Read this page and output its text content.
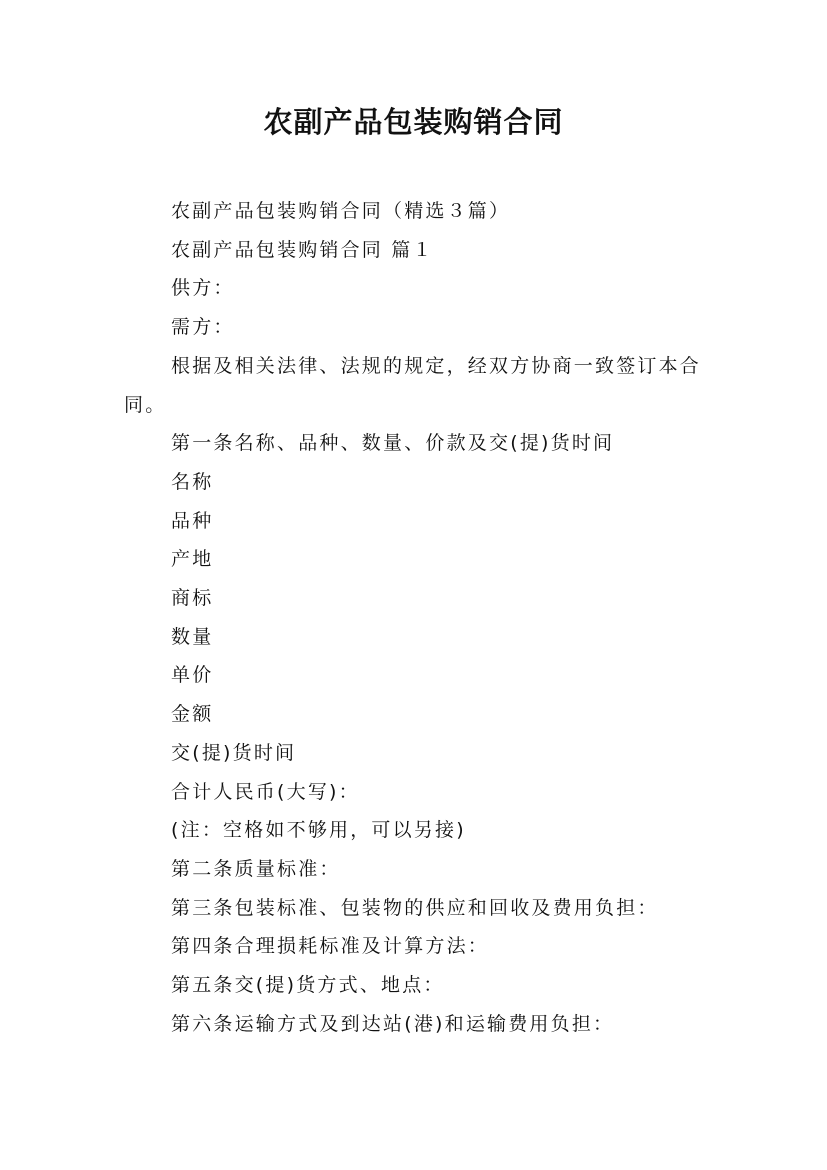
农副产品包装购销合同

农副产品包装购销合同（精选３篇）

农副产品包装购销合同 篇１

供方：

需方：

根据及相关法律、法规的规定，经双方协商一致签订本合同。

第一条名称、品种、数量、价款及交(提)货时间

名称

品种

产地

商标

数量

单价

金额

交(提)货时间

合计人民币(大写)：

(注：空格如不够用，可以另接)

第二条质量标准：

第三条包装标准、包装物的供应和回收及费用负担：

第四条合理损耗标准及计算方法：

第五条交(提)货方式、地点：

第六条运输方式及到达站(港)和运输费用负担：
